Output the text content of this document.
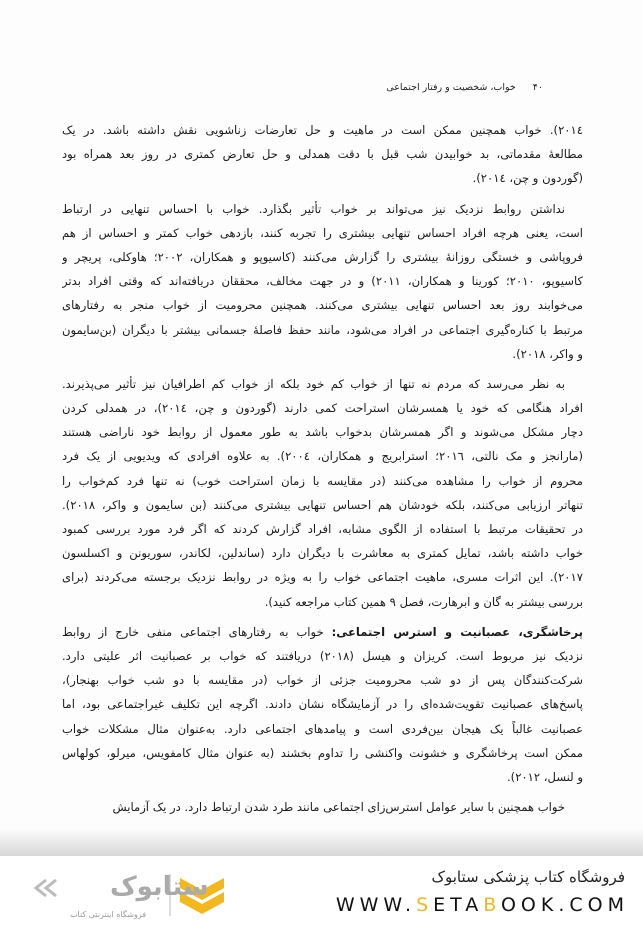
۴۰ خواب، شخصیت و رفتار اجتماعی
۲۰۱٤). خواب همچنین ممکن است در ماهیت و حل تعارضات زناشویی نقش داشته باشد. در یک
مطالعهٔ مقدماتی، بد خوابیدن شب قبل با دقت همدلی و حل تعارض کمتری در روز بعد همراه بود
(گوردون و چن، ۲۰۱٤).
نداشتن روابط نزدیک نیز می‌تواند بر خواب تأثیر بگذارد. خواب با احساس تنهایی در ارتباط
است، یعنی هرچه افراد احساس تنهایی بیشتری را تجربه کنند، بازدهی خواب کمتر و احساس از هم
فروپاشی و خستگی روزانهٔ بیشتری را گزارش می‌کنند (کاسیوپو و همکاران، ۲۰۰۲؛ هاوکلی، پریچر و
کاسیوپو، ۲۰۱۰؛ کورینا و همکاران، ۲۰۱۱) و در جهت مخالف، محققان دریافته‌اند که وقتی افراد بدتر
می‌خوابند روز بعد احساس تنهایی بیشتری می‌کنند. همچنین محرومیت از خواب منجر به رفتارهای
مرتبط با کناره‌گیری اجتماعی در افراد می‌شود، مانند حفظ فاصلهٔ جسمانی بیشتر با دیگران (بن‌سایمون
و واکر، ۲۰۱۸).
به نظر می‌رسد که مردم نه تنها از خواب کم خود بلکه از خواب کم اطرافیان نیز تأثیر می‌پذیرند.
افراد هنگامی که خود یا همسرشان استراحت کمی دارند (گوردون و چن، ۲۰۱٤)، در همدلی کردن
دچار مشکل می‌شوند و اگر همسرشان بدخواب باشد به طور معمول از روابط خود ناراضی هستند
(مارانجز و مک نالتی، ۲۰۱٦؛ استرابریج و همکاران، ۲۰۰٤). به علاوه افرادی که ویدیویی از یک فرد
محروم از خواب را مشاهده می‌کنند (در مقایسه با زمان استراحت خوب) نه تنها فرد کم‌خواب را
تنهاتر ارزیابی می‌کنند، بلکه خودشان هم احساس تنهایی بیشتری می‌کنند (بن سایمون و واکر، ۲۰۱۸).
در تحقیقات مرتبط با استفاده از الگوی مشابه، افراد گزارش کردند که اگر فرد مورد بررسی کمبود
خواب داشته باشد، تمایل کمتری به معاشرت با دیگران دارد (ساندلین، لکاندر، سوریونن و اکسلسون
۲۰۱۷). این اثرات مسری، ماهیت اجتماعی خواب را به ویژه در روابط نزدیک برجسته می‌کردند (برای
بررسی بیشتر به گان و ابرهارت، فصل ۹ همین کتاب مراجعه کنید).
پرخاشگری، عصبانیت و استرس اجتماعی: خواب به رفتارهای اجتماعی منفی خارج از روابط
نزدیک نیز مربوط است. کریزان و هیسل (۲۰۱۸) دریافتند که خواب بر عصبانیت اثر علیتی دارد.
شرکت‌کنندگان پس از دو شب محرومیت جزئی از خواب (در مقایسه با دو شب خواب بهنجار)،
پاسخ‌های عصبانیت تقویت‌شده‌ای را در آزمایشگاه نشان دادند. اگرچه این تکلیف غیراجتماعی بود، اما
عصبانیت غالباً یک هیجان بین‌فردی است و پیامدهای اجتماعی دارد. به‌عنوان مثال مشکلات خواب
ممکن است پرخاشگری و خشونت واکنشی را تداوم بخشند (به عنوان مثال کامفویس، میرلو، کولهاس
و لنسل، ۲۰۱۲).
خواب همچنین با سایر عوامل استرس‌زای اجتماعی مانند طرد شدن ارتباط دارد. در یک آزمایش
ستابوک
فروشگاه اینترنتی کتاب
فروشگاه کتاب پزشکی ستابوک
WWW.SETABOOK.COM
